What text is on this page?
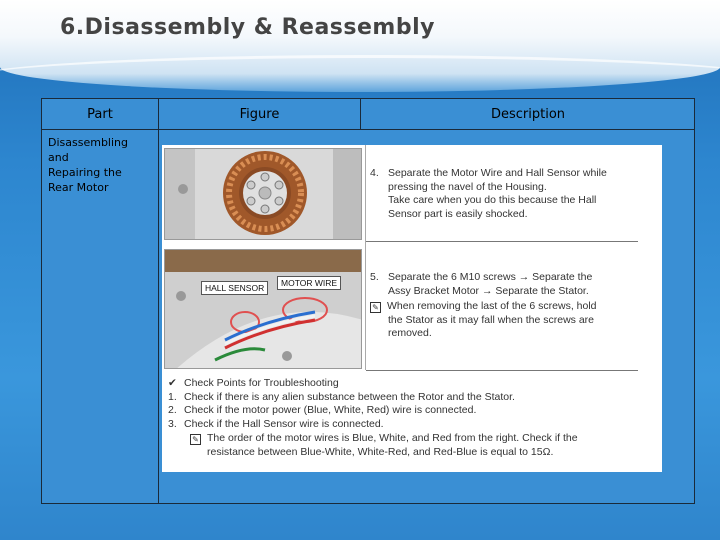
6.Disassembly & Reassembly
Part	Figure	Description
Disassembling
and
Repairing the
Rear Motor
HALL SENSOR	MOTOR WIRE
4. Separate the Motor Wire and Hall Sensor while
pressing the navel of the Housing.
Take care when you do this because the Hall
Sensor part is easily shocked.
5. Separate the 6 M10 screws → Separate the
Assy Bracket Motor → Separate the Stator.
✎ When removing the last of the 6 screws, hold
the Stator as it may fall when the screws are
removed.
✔ Check Points for Troubleshooting
1. Check if there is any alien substance between the Rotor and the Stator.
2. Check if the motor power (Blue, White, Red) wire is connected.
3. Check if the Hall Sensor wire is connected.
✎ The order of the motor wires is Blue, White, and Red from the right. Check if the
resistance between Blue-White, White-Red, and Red-Blue is equal to 15Ω.
